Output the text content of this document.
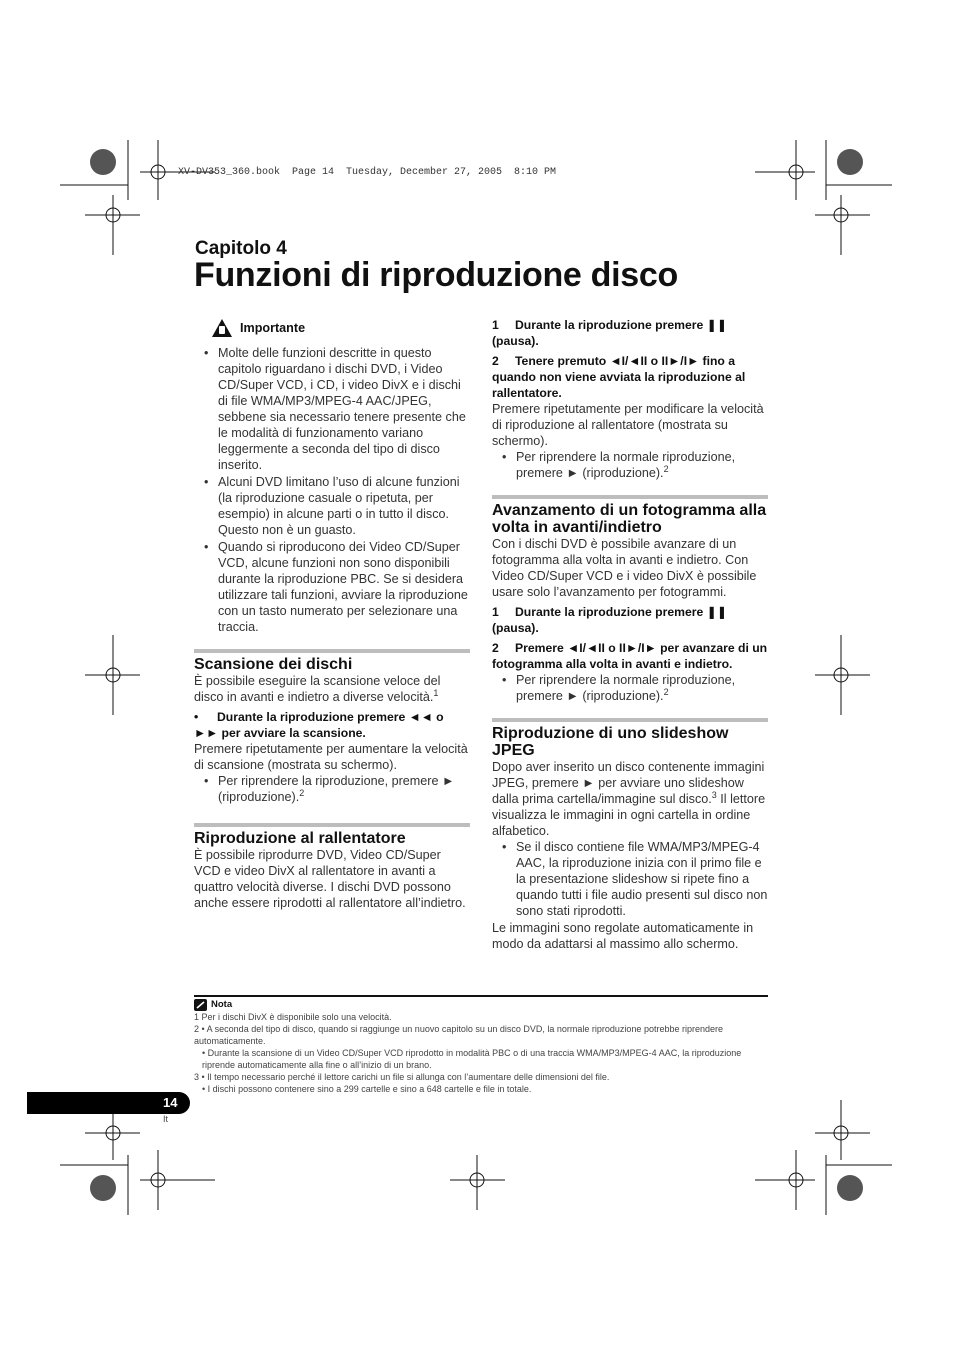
XV-DV353_360.book  Page 14  Tuesday, December 27, 2005  8:10 PM
Capitolo 4
Funzioni di riproduzione disco
Importante
• Molte delle funzioni descritte in questo capitolo riguardano i dischi DVD, i Video CD/Super VCD, i CD, i video DivX e i dischi di file WMA/MP3/MPEG-4 AAC/JPEG, sebbene sia necessario tenere presente che le modalità di funzionamento variano leggermente a seconda del tipo di disco inserito.
• Alcuni DVD limitano l’uso di alcune funzioni (la riproduzione casuale o ripetuta, per esempio) in alcune parti o in tutto il disco. Questo non è un guasto.
• Quando si riproducono dei Video CD/Super VCD, alcune funzioni non sono disponibili durante la riproduzione PBC. Se si desidera utilizzare tali funzioni, avviare la riproduzione con un tasto numerato per selezionare una traccia.
Scansione dei dischi

È possibile eseguire la scansione veloce del disco in avanti e indietro a diverse velocità.$^1$

• Durante la riproduzione premere ◄◄ o ►► per avviare la scansione.

Premere ripetutamente per aumentare la velocità di scansione (mostrata su schermo).

• Per riprendere la riproduzione, premere ► (riproduzione).$^2$
Riproduzione al rallentatore

È possibile riprodurre DVD, Video CD/Super VCD e video DivX al rallentatore in avanti a quattro velocità diverse. I dischi DVD possono anche essere riprodotti al rallentatore all’indietro.

1 Durante la riproduzione premere ❚❚ (pausa).
2 Tenere premuto ◄I/◄II o II►/I► fino a quando non viene avviata la riproduzione al rallentatore.

Premere ripetutamente per modificare la velocità di riproduzione al rallentatore (mostrata su schermo).

• Per riprendere la normale riproduzione, premere ► (riproduzione).$^2$
Avanzamento di un fotogramma alla volta in avanti/indietro

Con i dischi DVD è possibile avanzare di un fotogramma alla volta in avanti e indietro. Con Video CD/Super VCD e i video DivX è possibile usare solo l’avanzamento per fotogrammi.

1 Durante la riproduzione premere ❚❚ (pausa).
2 Premere ◄I/◄II o II►/I► per avanzare di un fotogramma alla volta in avanti e indietro.
• Per riprendere la normale riproduzione, premere ► (riproduzione).$^2$
Riproduzione di uno slideshow JPEG

Dopo aver inserito un disco contenente immagini JPEG, premere ► per avviare uno slideshow dalla prima cartella/immagine sul disco.$^3$ Il lettore visualizza le immagini in ogni cartella in ordine alfabetico.

• Se il disco contiene file WMA/MP3/MPEG-4 AAC, la riproduzione inizia con il primo file e la presentazione slideshow si ripete fino a quando tutti i file audio presenti sul disco non sono stati riprodotti.

Le immagini sono regolate automaticamente in modo da adattarsi al massimo allo schermo.

Nota
1 Per i dischi DivX è disponibile solo una velocità.
2 • A seconda del tipo di disco, quando si raggiunge un nuovo capitolo su un disco DVD, la normale riproduzione potrebbe riprendere automaticamente.
• Durante la scansione di un Video CD/Super VCD riprodotto in modalità PBC o di una traccia WMA/MP3/MPEG-4 AAC, la riproduzione riprende automaticamente alla fine o all’inizio di un brano.
3 • Il tempo necessario perché il lettore carichi un file si allunga con l’aumentare delle dimensioni del file.
• I dischi possono contenere sino a 299 cartelle e sino a 648 cartelle e file in totale.
14
It
